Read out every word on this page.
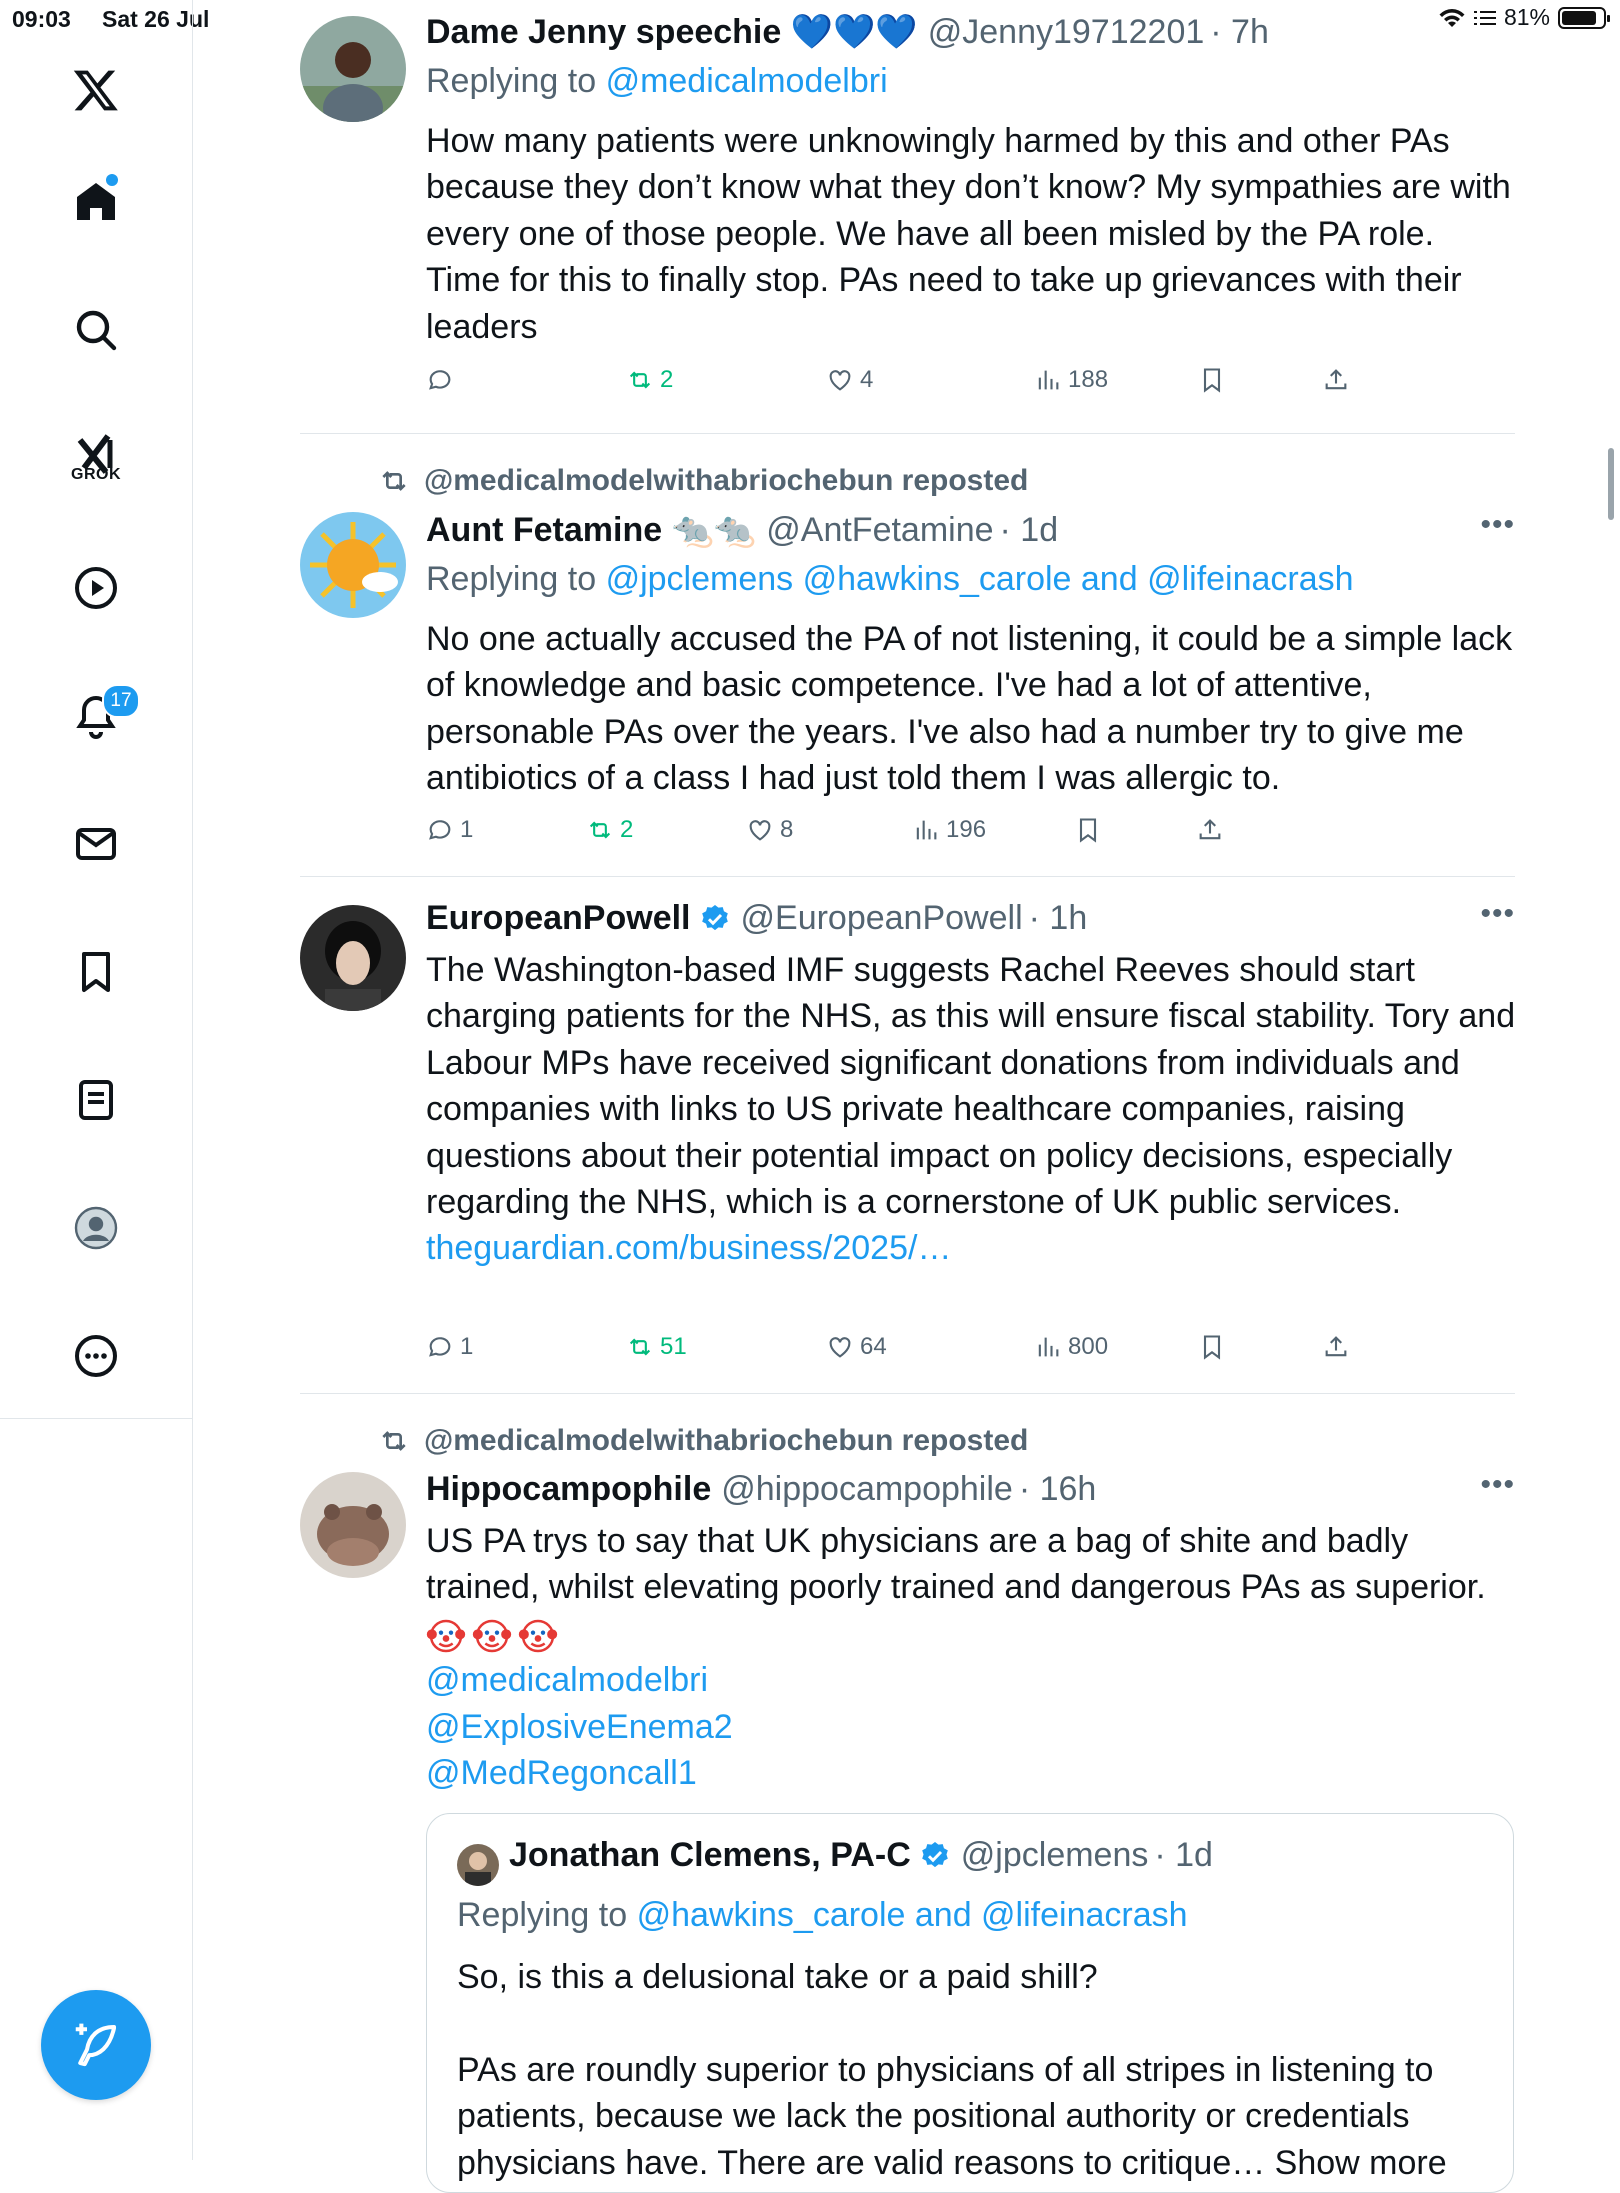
09:03 Sat 26 Jul	81%
GROK
17
Dame Jenny speechie 💙💙💙 @Jenny19712201 · 7h
Replying to @medicalmodelbri
How many patients were unknowingly harmed by this and other PAs because they don’t know what they don’t know? My sympathies are with every one of those people. We have all been misled by the PA role. Time for this to finally stop. PAs need to take up grievances with their leaders
2	4	188
@medicalmodelwithabriochebun reposted
Aunt Fetamine 🐀🐀 @AntFetamine · 1d	•••
Replying to @jpclemens @hawkins_carole and @lifeinacrash
No one actually accused the PA of not listening, it could be a simple lack of knowledge and basic competence. I've had a lot of attentive, personable PAs over the years. I've also had a number try to give me antibiotics of a class I had just told them I was allergic to.
1	2	8	196
EuropeanPowell @EuropeanPowell · 1h	•••
The Washington-based IMF suggests Rachel Reeves should start charging patients for the NHS, as this will ensure fiscal stability. Tory and Labour MPs have received significant donations from individuals and companies with links to US private healthcare companies, raising questions about their potential impact on policy decisions, especially regarding the NHS, which is a cornerstone of UK public services.
theguardian.com/business/2025/…
1	51	64	800
@medicalmodelwithabriochebun reposted
Hippocampophile @hippocampophile · 16h	•••
US PA trys to say that UK physicians are a bag of shite and badly trained, whilst elevating poorly trained and dangerous PAs as superior.

@medicalmodelbri
@ExplosiveEnema2
@MedRegoncall1
Jonathan Clemens, PA-C @jpclemens · 1d
Replying to @hawkins_carole and @lifeinacrash
So, is this a delusional take or a paid shill?

PAs are roundly superior to physicians of all stripes in listening to patients, because we lack the positional authority or credentials physicians have. There are valid reasons to critique… Show more
